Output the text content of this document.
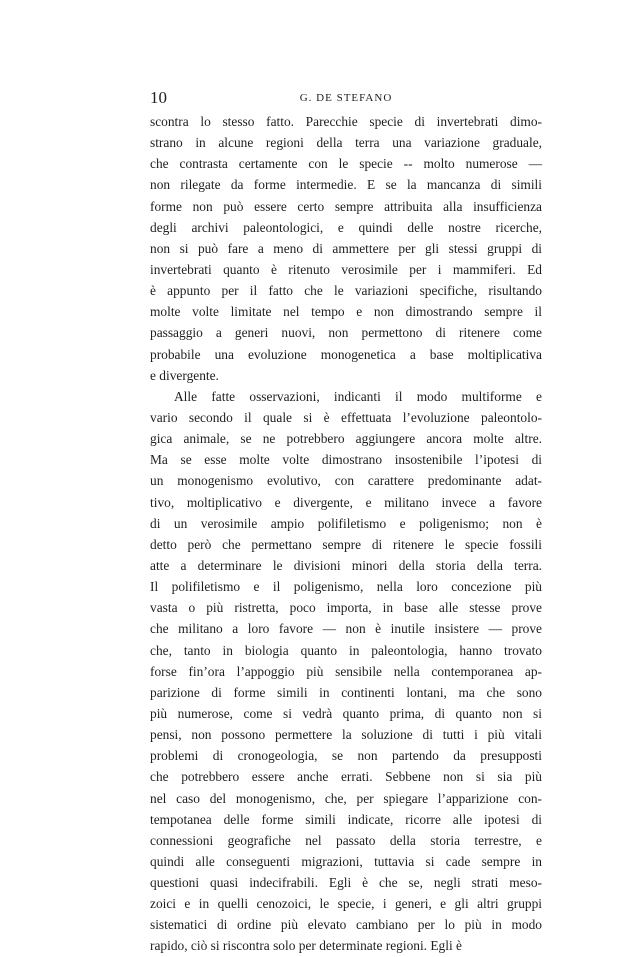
10	G. DE STEFANO
scontra lo stesso fatto. Parecchie specie di invertebrati dimo-
strano in alcune regioni della terra una variazione graduale,
che contrasta certamente con le specie -- molto numerose —
non rilegate da forme intermedie. E se la mancanza di simili
forme non può essere certo sempre attribuita alla insufficienza
degli archivi paleontologici, e quindi delle nostre ricerche,
non si può fare a meno di ammettere per gli stessi gruppi di
invertebrati quanto è ritenuto verosimile per i mammiferi. Ed
è appunto per il fatto che le variazioni specifiche, risultando
molte volte limitate nel tempo e non dimostrando sempre il
passaggio a generi nuovi, non permettono di ritenere come
probabile una evoluzione monogenetica a base moltiplicativa
e divergente.
Alle fatte osservazioni, indicanti il modo multiforme e
vario secondo il quale si è effettuata l’evoluzione paleontolo-
gica animale, se ne potrebbero aggiungere ancora molte altre.
Ma se esse molte volte dimostrano insostenibile l’ipotesi di
un monogenismo evolutivo, con carattere predominante adat-
tivo, moltiplicativo e divergente, e militano invece a favore
di un verosimile ampio polifiletismo e poligenismo; non è
detto però che permettano sempre di ritenere le specie fossili
atte a determinare le divisioni minori della storia della terra.
Il polifiletismo e il poligenismo, nella loro concezione più
vasta o più ristretta, poco importa, in base alle stesse prove
che militano a loro favore — non è inutile insistere — prove
che, tanto in biologia quanto in paleontologia, hanno trovato
forse fin’ora l’appoggio più sensibile nella contemporanea ap-
parizione di forme simili in continenti lontani, ma che sono
più numerose, come si vedrà quanto prima, di quanto non si
pensi, non possono permettere la soluzione di tutti i più vitali
problemi di cronogeologia, se non partendo da presupposti
che potrebbero essere anche errati. Sebbene non si sia più
nel caso del monogenismo, che, per spiegare l’apparizione con-
tempotanea delle forme simili indicate, ricorre alle ipotesi di
connessioni geografiche nel passato della storia terrestre, e
quindi alle conseguenti migrazioni, tuttavia si cade sempre in
questioni quasi indecifrabili. Egli è che se, negli strati meso-
zoici e in quelli cenozoici, le specie, i generi, e gli altri gruppi
sistematici di ordine più elevato cambiano per lo più in modo
rapido, ciò si riscontra solo per determinate regioni. Egli è
